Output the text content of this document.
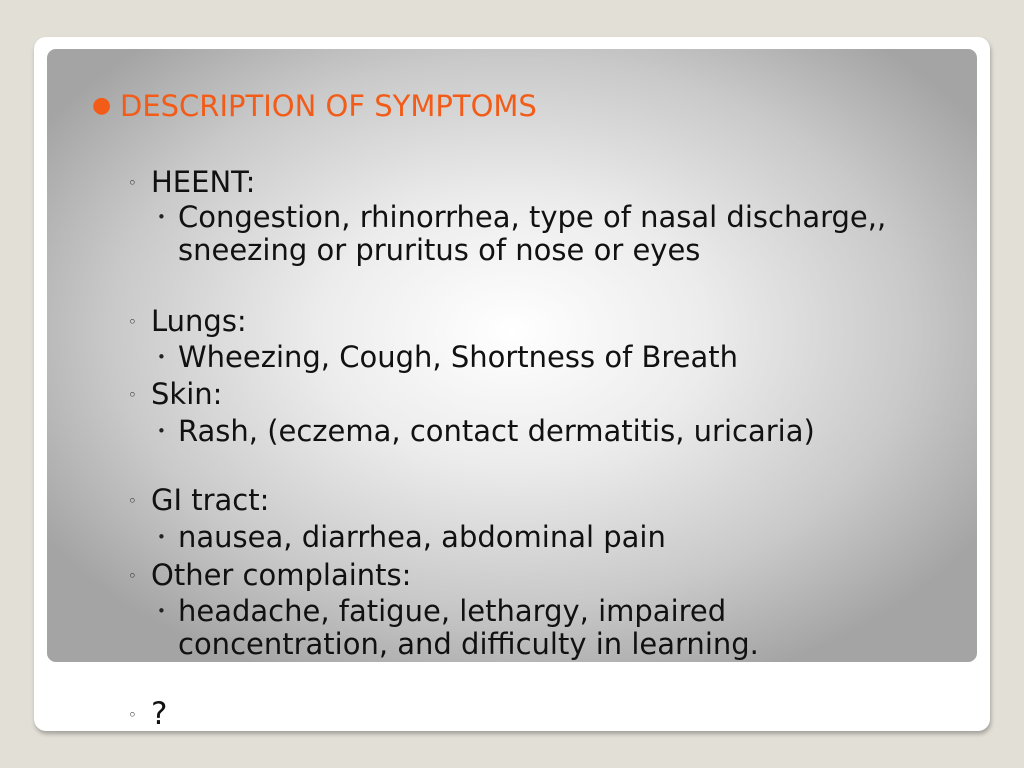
● DESCRIPTION OF SYMPTOMS
◦ HEENT:
• Congestion, rhinorrhea, type of nasal discharge,, sneezing or pruritus of nose or eyes
◦ Lungs:
• Wheezing, Cough, Shortness of Breath
◦ Skin:
• Rash, (eczema, contact dermatitis, uricaria)
◦ GI tract:
• nausea, diarrhea, abdominal pain
◦ Other complaints:
• headache, fatigue, lethargy, impaired concentration, and difficulty in learning.
◦ ?
